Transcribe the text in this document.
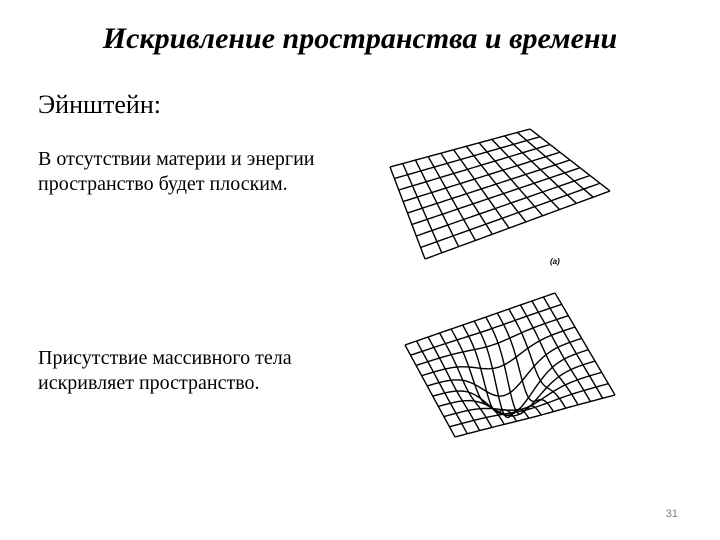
Искривление пространства и времени
Эйнштейн:
В отсутствии материи и энергии пространство будет плоским.
Присутствие массивного тела искривляет пространство.
(a)
31
